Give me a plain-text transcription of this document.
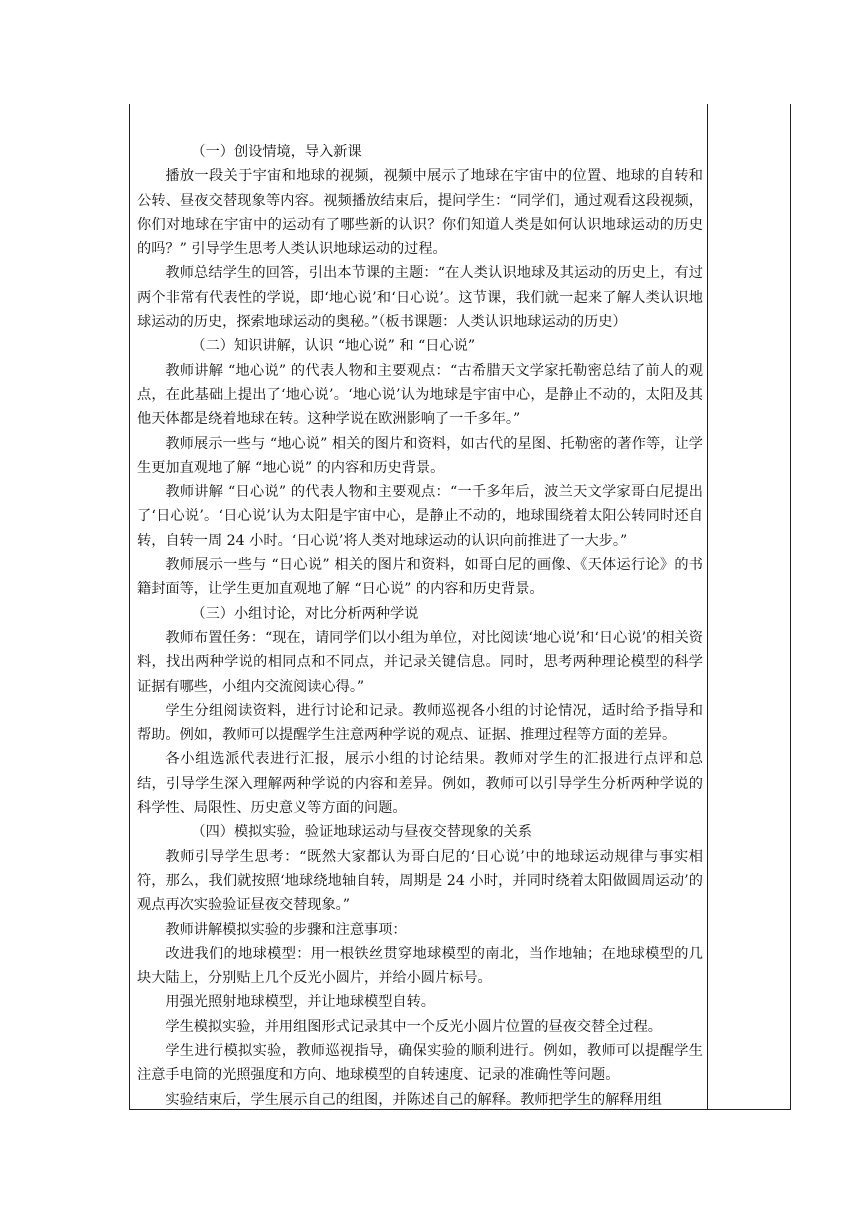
（一）创设情境，导入新课

播放一段关于宇宙和地球的视频，视频中展示了地球在宇宙中的位置、地球的自转和公转、昼夜交替现象等内容。视频播放结束后，提问学生：“同学们，通过观看这段视频，你们对地球在宇宙中的运动有了哪些新的认识？你们知道人类是如何认识地球运动的历史的吗？” 引导学生思考人类认识地球运动的过程。

教师总结学生的回答，引出本节课的主题：“在人类认识地球及其运动的历史上，有过两个非常有代表性的学说，即‘地心说’和‘日心说’。这节课，我们就一起来了解人类认识地球运动的历史，探索地球运动的奥秘。”（板书课题：人类认识地球运动的历史）

（二）知识讲解，认识 “地心说” 和 “日心说”

教师讲解 “地心说” 的代表人物和主要观点：“古希腊天文学家托勒密总结了前人的观点，在此基础上提出了‘地心说’。‘地心说’认为地球是宇宙中心，是静止不动的，太阳及其他天体都是绕着地球在转。这种学说在欧洲影响了一千多年。”

教师展示一些与 “地心说” 相关的图片和资料，如古代的星图、托勒密的著作等，让学生更加直观地了解 “地心说” 的内容和历史背景。

教师讲解 “日心说” 的代表人物和主要观点：“一千多年后，波兰天文学家哥白尼提出了‘日心说’。‘日心说’认为太阳是宇宙中心，是静止不动的，地球围绕着太阳公转同时还自转，自转一周 24 小时。‘日心说’将人类对地球运动的认识向前推进了一大步。”

教师展示一些与 “日心说” 相关的图片和资料，如哥白尼的画像、《天体运行论》的书籍封面等，让学生更加直观地了解 “日心说” 的内容和历史背景。

（三）小组讨论，对比分析两种学说

教师布置任务：“现在，请同学们以小组为单位，对比阅读‘地心说’和‘日心说’的相关资料，找出两种学说的相同点和不同点，并记录关键信息。同时，思考两种理论模型的科学证据有哪些，小组内交流阅读心得。”

学生分组阅读资料，进行讨论和记录。教师巡视各小组的讨论情况，适时给予指导和帮助。例如，教师可以提醒学生注意两种学说的观点、证据、推理过程等方面的差异。

各小组选派代表进行汇报，展示小组的讨论结果。教师对学生的汇报进行点评和总结，引导学生深入理解两种学说的内容和差异。例如，教师可以引导学生分析两种学说的科学性、局限性、历史意义等方面的问题。

（四）模拟实验，验证地球运动与昼夜交替现象的关系

教师引导学生思考：“既然大家都认为哥白尼的‘日心说’中的地球运动规律与事实相符，那么，我们就按照‘地球绕地轴自转，周期是 24 小时，并同时绕着太阳做圆周运动’的观点再次实验验证昼夜交替现象。”

教师讲解模拟实验的步骤和注意事项：

改进我们的地球模型：用一根铁丝贯穿地球模型的南北，当作地轴；在地球模型的几块大陆上，分别贴上几个反光小圆片，并给小圆片标号。

用强光照射地球模型，并让地球模型自转。

学生模拟实验，并用组图形式记录其中一个反光小圆片位置的昼夜交替全过程。

学生进行模拟实验，教师巡视指导，确保实验的顺利进行。例如，教师可以提醒学生注意手电筒的光照强度和方向、地球模型的自转速度、记录的准确性等问题。

实验结束后，学生展示自己的组图，并陈述自己的解释。教师把学生的解释用组
